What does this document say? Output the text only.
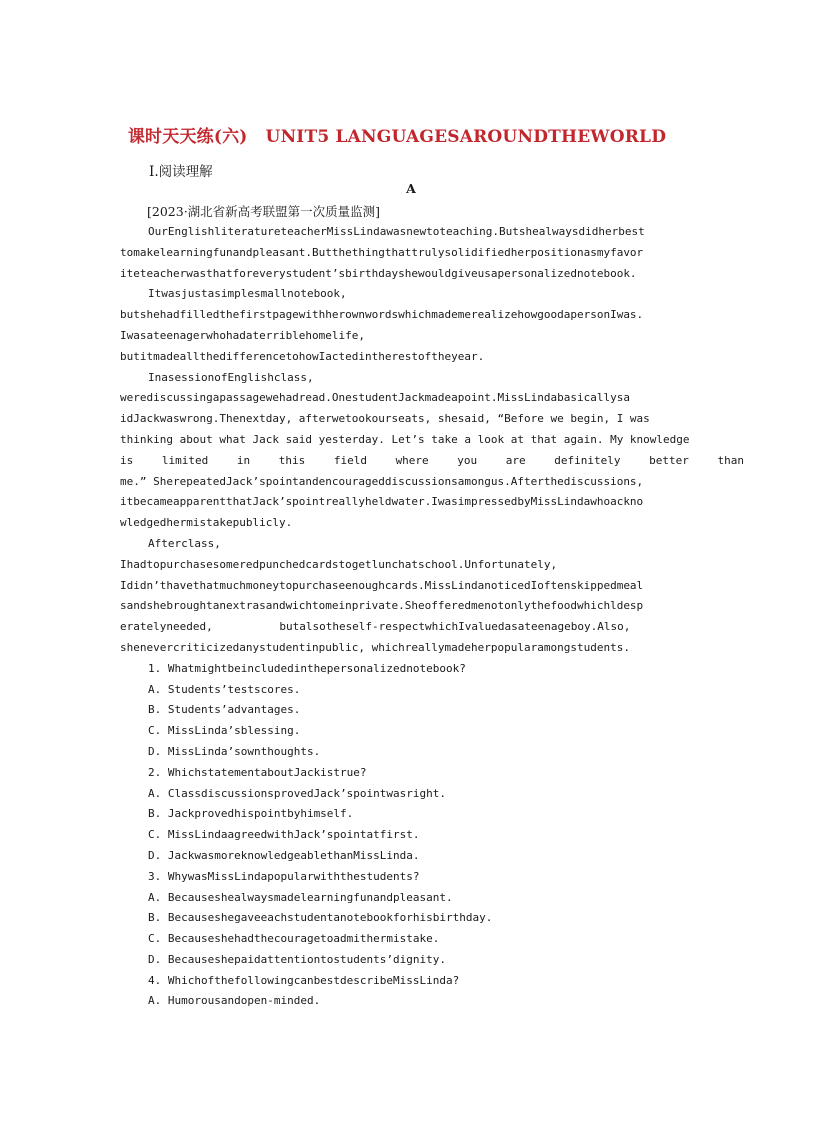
课时天天练(六) UNIT5 LANGUAGESAROUNDTHEWORLD
Ⅰ.阅读理解
A
[2023·湖北省新高考联盟第一次质量监测]
OurEnglishliteratureteacherMissLindawasnewtoteaching.Butshealwaysdidherbest
tomakelearningfunandpleasant.Butthethingthattrulysolidifiedherpositionasmyfavor
iteteacherwasthatforeverystudent’sbirthdayshewouldgiveusapersonalizednotebook.
Itwasjustasimplesmallnotebook,
butshehadfilledthefirstpagewithherownwordswhichmademerealizehowgoodapersonIwas.
Iwasateenagerwhohadaterriblehomelife,
butitmadeallthedifferencetohowIactedintherestoftheyear.
InasessionofEnglishclass,
werediscussingapassagewehadread.OnestudentJackmadeapoint.MissLindabasicallysa
idJackwaswrong.Thenextday, afterwetookourseats, shesaid, “Before we begin, I was
thinking about what Jack said yesterday. Let’s take a look at that again. My knowledge
is limited in this field where you are definitely better than
me.” SherepeatedJack’spointandencourageddiscussionsamongus.Afterthediscussions,
itbecameapparentthatJack’spointreallyheldwater.IwasimpressedbyMissLindawhoackno
wledgedhermistakepublicly.
Afterclass,
Ihadtopurchasesomeredpunchedcardstogetlunchatschool.Unfortunately,
Ididn’thavethatmuchmoneytopurchaseenoughcards.MissLindanoticedIoftenskippedmeal
sandshebroughtanextrasandwichtomeinprivate.Sheofferedmenotonlythefoodwhichldesp
eratelyneeded, butalsotheself-respectwhichIvaluedasateenageboy.Also,
shenevercriticizedanystudentinpublic, whichreallymadeherpopularamongstudents.
1. Whatmightbeincludedinthepersonalizednotebook?
A. Students’testscores.
B. Students’advantages.
C. MissLinda’sblessing.
D. MissLinda’sownthoughts.
2. WhichstatementaboutJackistrue?
A. ClassdiscussionsprovedJack’spointwasright.
B. Jackprovedhispointbyhimself.
C. MissLindaagreedwithJack’spointatfirst.
D. JackwasmoreknowledgeablethanMissLinda.
3. WhywasMissLindapopularwiththestudents?
A. Becauseshealwaysmadelearningfunandpleasant.
B. Becauseshegaveeachstudentanotebookforhisbirthday.
C. Becauseshehadthecouragetoadmithermistake.
D. Becauseshepaidattentiontostudents’dignity.
4. WhichofthefollowingcanbestdescribeMissLinda?
A. Humorousandopen-minded.
